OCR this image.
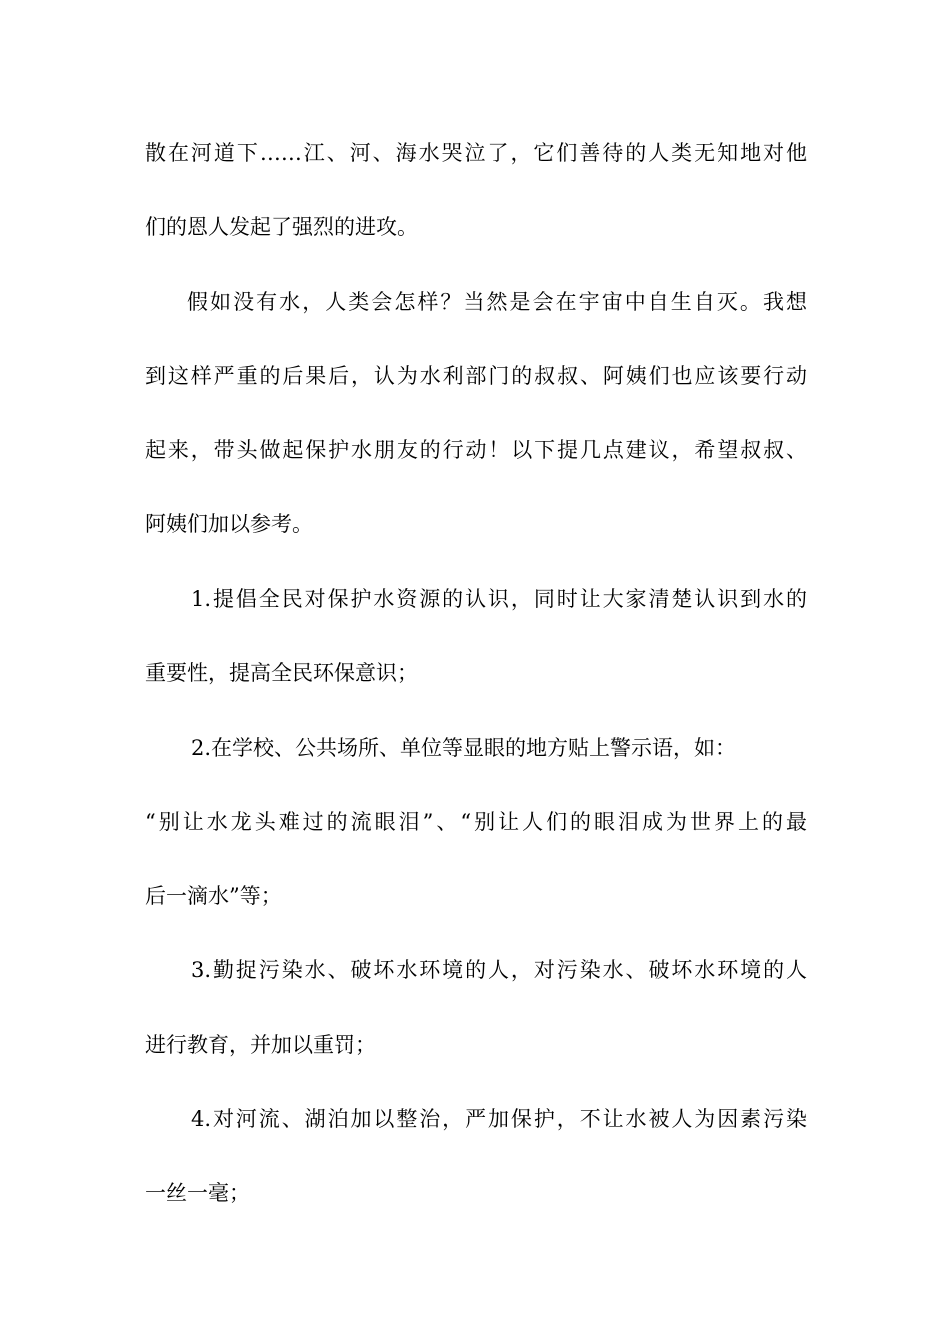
散在河道下……江、河、海水哭泣了，它们善待的人类无知地对他
们的恩人发起了强烈的进攻。
假如没有水，人类会怎样？当然是会在宇宙中自生自灭。我想
到这样严重的后果后，认为水利部门的叔叔、阿姨们也应该要行动
起来，带头做起保护水朋友的行动！以下提几点建议，希望叔叔、
阿姨们加以参考。
1.提倡全民对保护水资源的认识，同时让大家清楚认识到水的
重要性，提高全民环保意识；
2.在学校、公共场所、单位等显眼的地方贴上警示语，如：
“别让水龙头难过的流眼泪”、“别让人们的眼泪成为世界上的最
后一滴水”等；
3.勤捉污染水、破坏水环境的人，对污染水、破坏水环境的人
进行教育，并加以重罚；
4.对河流、湖泊加以整治，严加保护，不让水被人为因素污染
一丝一毫；
